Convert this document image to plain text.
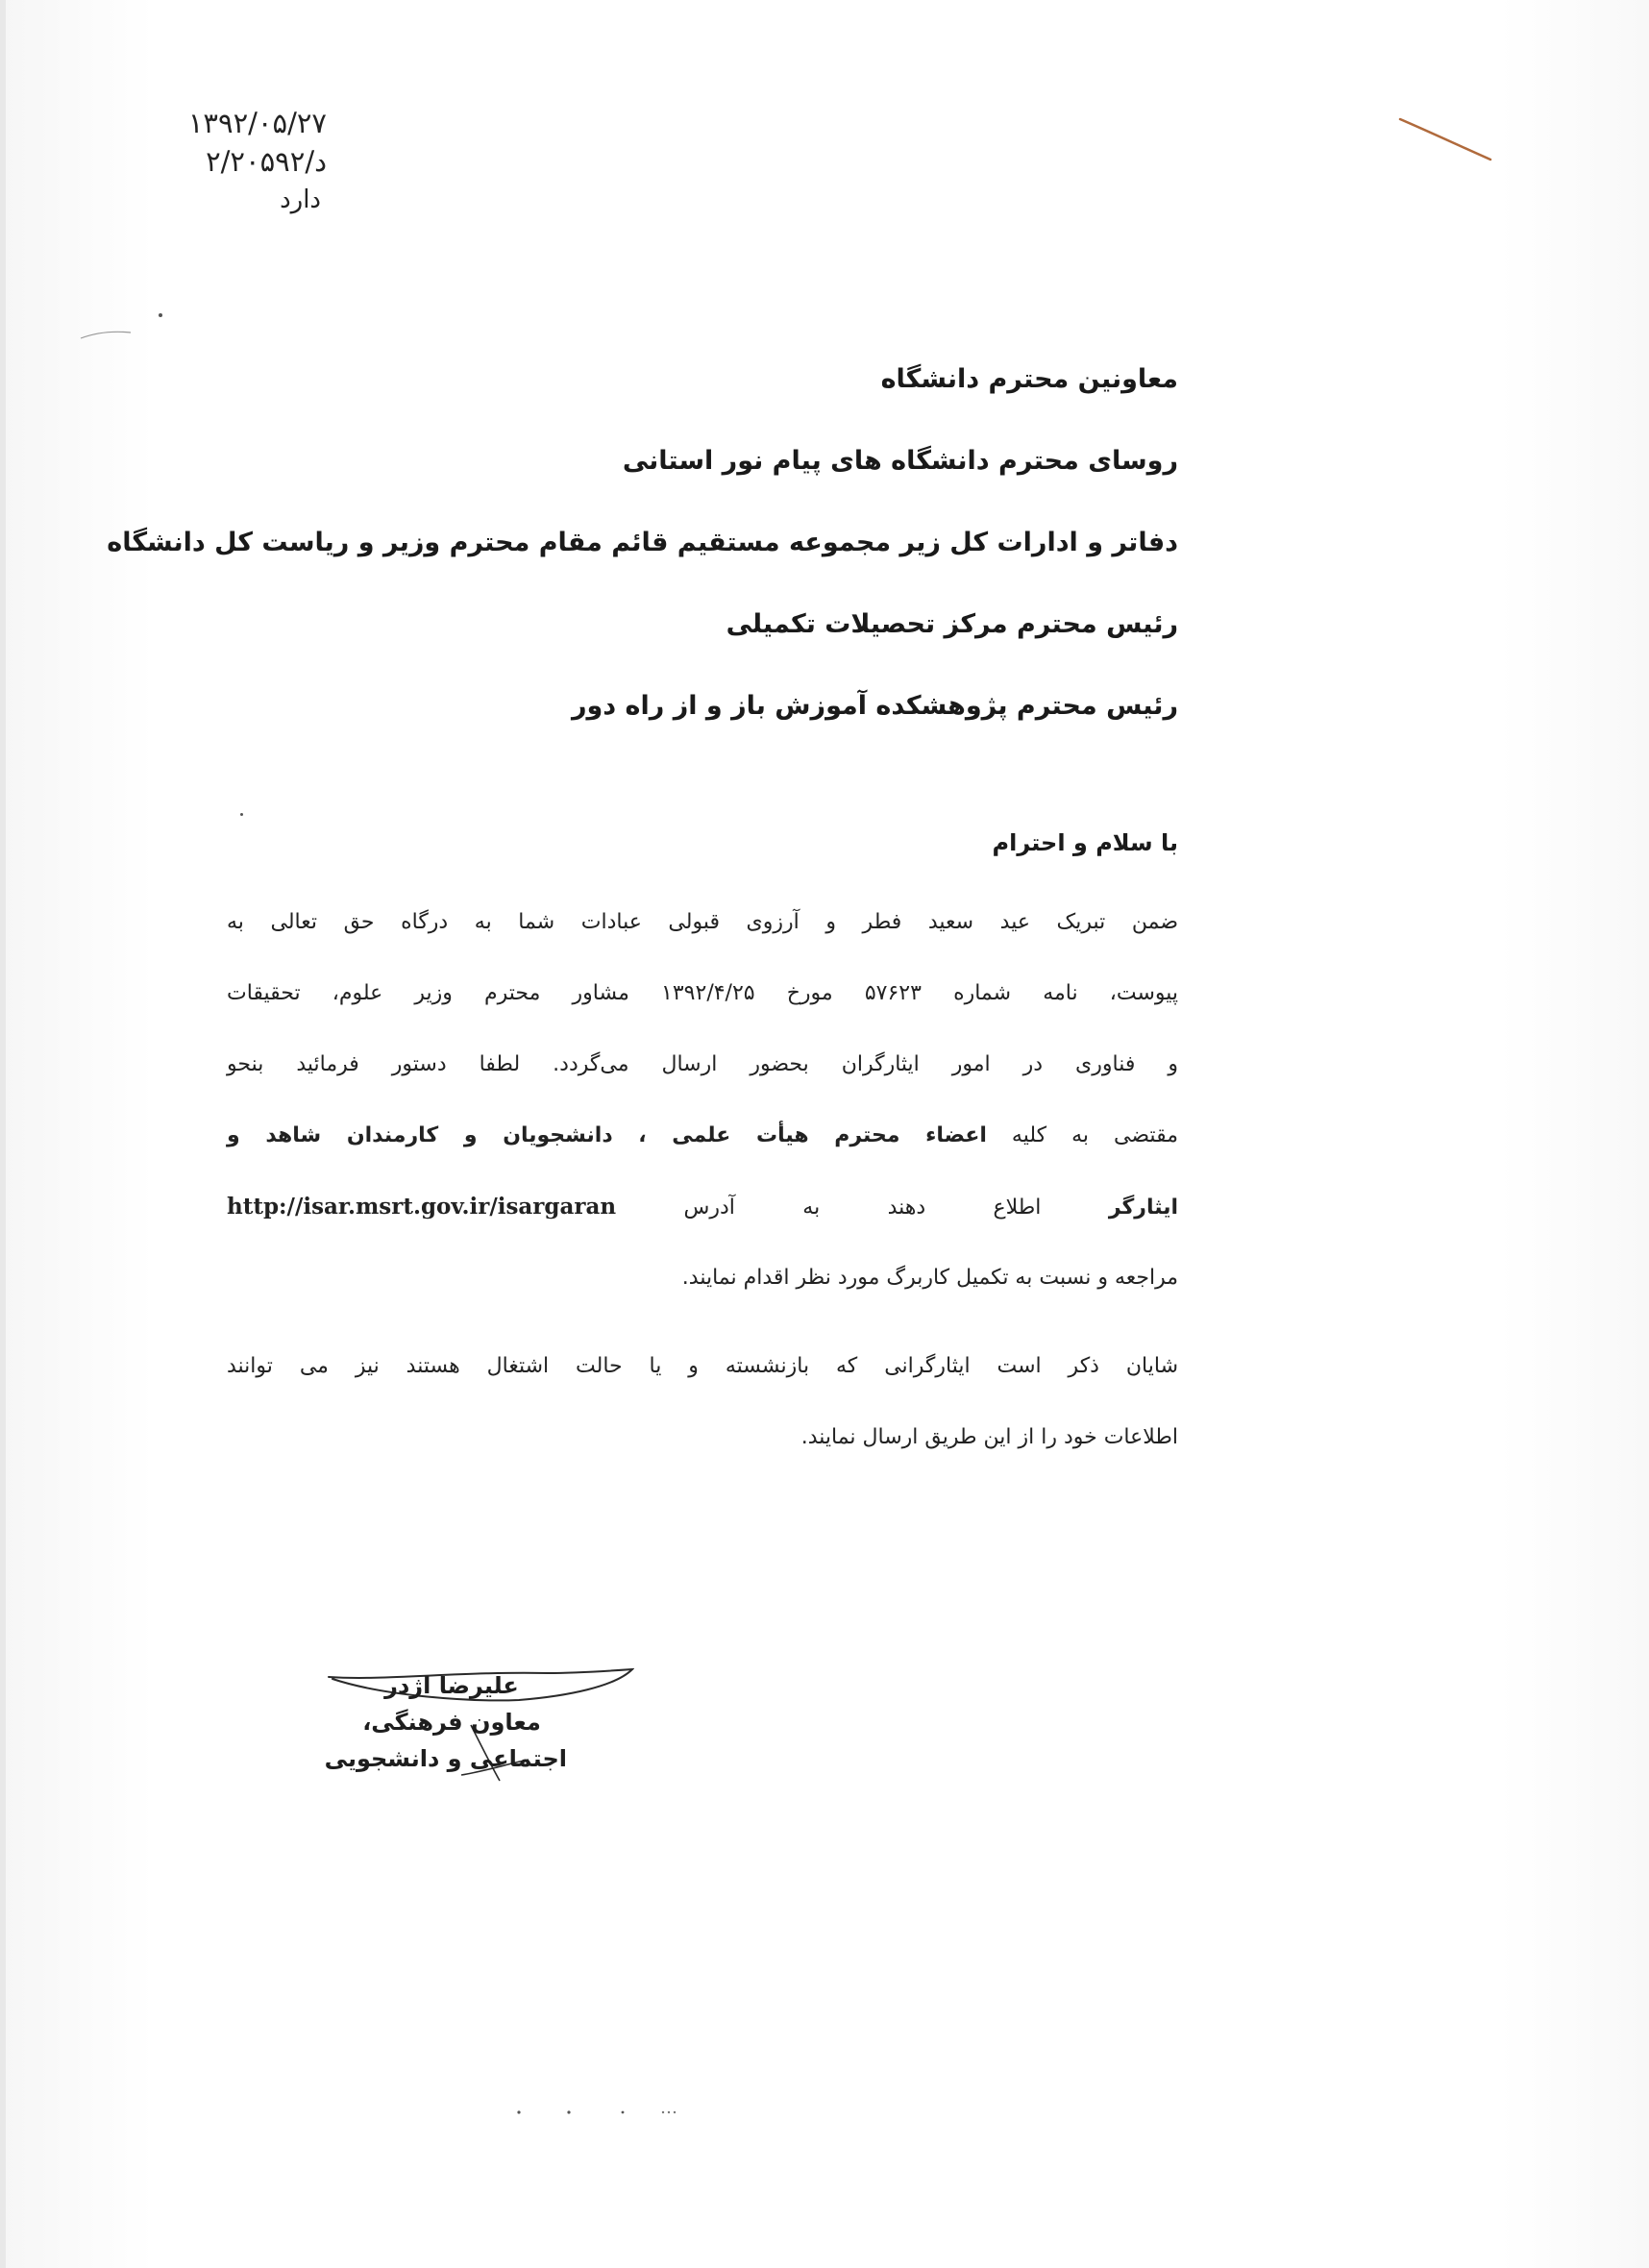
۱۳۹۲/۰۵/۲۷
د/۲/۲۰۵۹۲
دارد
معاونین محترم دانشگاه
روسای محترم دانشگاه های پیام نور استانی
دفاتر و ادارات کل زیر مجموعه مستقیم قائم مقام محترم وزیر و ریاست کل دانشگاه
رئیس محترم مرکز تحصیلات تکمیلی
رئیس محترم پژوهشکده آموزش باز و از راه دور
با سلام و احترام
ضمن تبریک عید سعید فطر و آرزوی قبولی عبادات شما به درگاه حق تعالی به
پیوست، نامه شماره ۵۷۶۲۳ مورخ ۱۳۹۲/۴/۲۵ مشاور محترم وزیر علوم، تحقیقات
و فناوری در امور ایثارگران بحضور ارسال می‌گردد. لطفا دستور فرمائید بنحو
مقتضی به کلیه اعضاء محترم هیأت علمی ، دانشجویان و کارمندان شاهد و
ایثارگر اطلاع دهند به آدرس http://isar.msrt.gov.ir/isargaran
مراجعه و نسبت به تکمیل کاربرگ مورد نظر اقدام نمایند.
شایان ذکر است ایثارگرانی که بازنشسته و یا حالت اشتغال هستند نیز می توانند
اطلاعات خود را از این طریق ارسال نمایند.
علیرضا اژدر
معاون فرهنگی،
اجتماعی و دانشجویی
